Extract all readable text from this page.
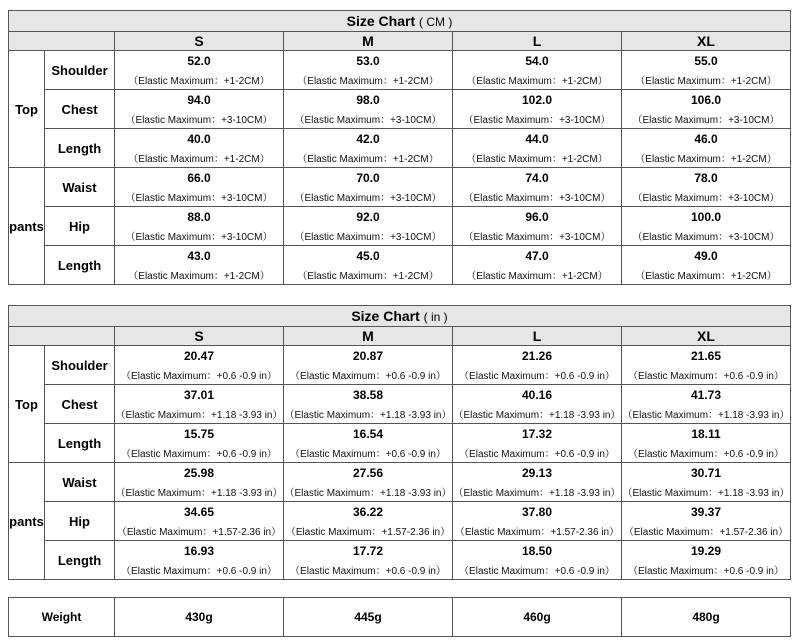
Size Chart ( CM )					
		S	M	L	XL
Top	Shoulder	52.0	53.0	54.0	55.0
		（Elastic Maximum：+1-2CM）	（Elastic Maximum：+1-2CM）	（Elastic Maximum：+1-2CM）	（Elastic Maximum：+1-2CM）
	Chest	94.0	98.0	102.0	106.0
		（Elastic Maximum：+3-10CM）	（Elastic Maximum：+3-10CM）	（Elastic Maximum：+3-10CM）	（Elastic Maximum：+3-10CM）
	Length	40.0	42.0	44.0	46.0
		（Elastic Maximum：+1-2CM）	（Elastic Maximum：+1-2CM）	（Elastic Maximum：+1-2CM）	（Elastic Maximum：+1-2CM）
pants	Waist	66.0	70.0	74.0	78.0
		（Elastic Maximum：+3-10CM）	（Elastic Maximum：+3-10CM）	（Elastic Maximum：+3-10CM）	（Elastic Maximum：+3-10CM）
	Hip	88.0	92.0	96.0	100.0
		（Elastic Maximum：+3-10CM）	（Elastic Maximum：+3-10CM）	（Elastic Maximum：+3-10CM）	（Elastic Maximum：+3-10CM）
	Length	43.0	45.0	47.0	49.0
		（Elastic Maximum：+1-2CM）	（Elastic Maximum：+1-2CM）	（Elastic Maximum：+1-2CM）	（Elastic Maximum：+1-2CM）
Size Chart ( in )					
		S	M	L	XL
Top	Shoulder	20.47	20.87	21.26	21.65
		（Elastic Maximum：+0.6 -0.9 in）	（Elastic Maximum：+0.6 -0.9 in）	（Elastic Maximum：+0.6 -0.9 in）	（Elastic Maximum：+0.6 -0.9 in）
	Chest	37.01	38.58	40.16	41.73
		（Elastic Maximum：+1.18 -3.93 in）	（Elastic Maximum：+1.18 -3.93 in）	（Elastic Maximum：+1.18 -3.93 in）	（Elastic Maximum：+1.18 -3.93 in）
	Length	15.75	16.54	17.32	18.11
		（Elastic Maximum：+0.6 -0.9 in）	（Elastic Maximum：+0.6 -0.9 in）	（Elastic Maximum：+0.6 -0.9 in）	（Elastic Maximum：+0.6 -0.9 in）
pants	Waist	25.98	27.56	29.13	30.71
		（Elastic Maximum：+1.18 -3.93 in）	（Elastic Maximum：+1.18 -3.93 in）	（Elastic Maximum：+1.18 -3.93 in）	（Elastic Maximum：+1.18 -3.93 in）
	Hip	34.65	36.22	37.80	39.37
		（Elastic Maximum：+1.57-2.36 in）	（Elastic Maximum：+1.57-2.36 in）	（Elastic Maximum：+1.57-2.36 in）	（Elastic Maximum：+1.57-2.36 in）
	Length	16.93	17.72	18.50	19.29
		（Elastic Maximum：+0.6 -0.9 in）	（Elastic Maximum：+0.6 -0.9 in）	（Elastic Maximum：+0.6 -0.9 in）	（Elastic Maximum：+0.6 -0.9 in）
Weight	430g	445g	460g	480g
